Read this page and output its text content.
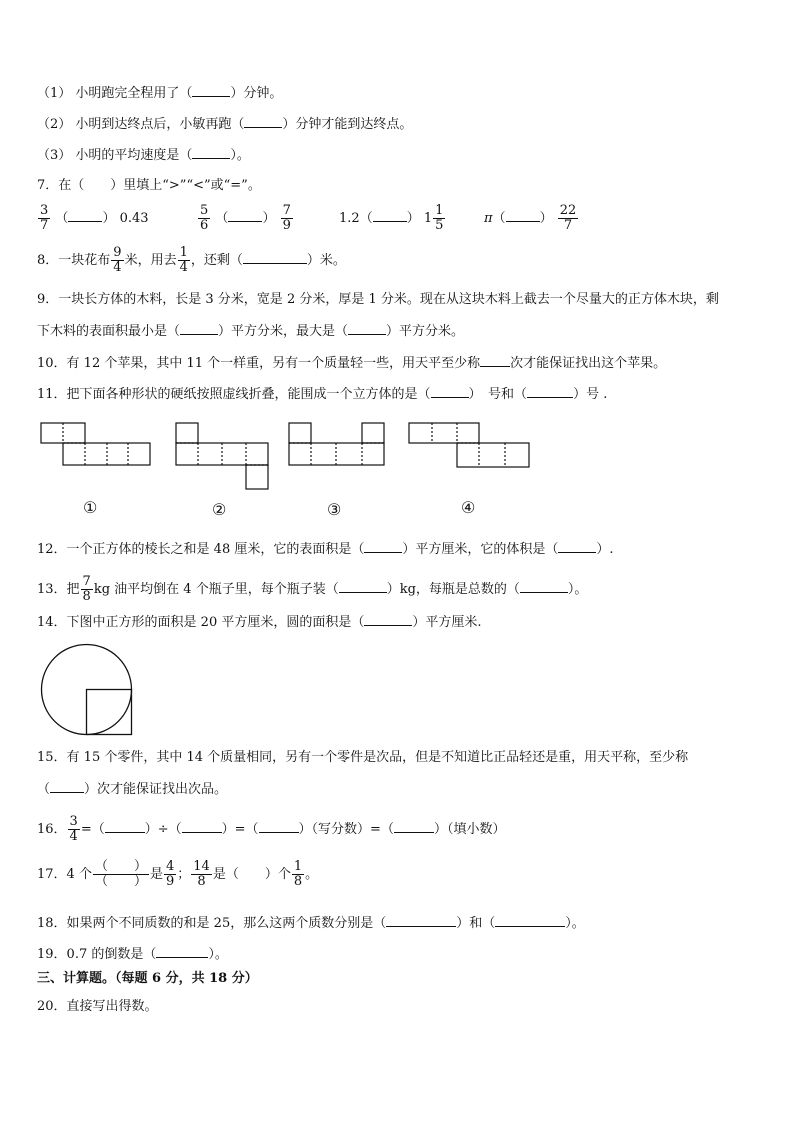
（1） 小明跑完全程用了（	）分钟。
（2） 小明到达终点后，小敏再跑（	）分钟才能到达终点。
（3） 小明的平均速度是（	）。
7．在（　　）里填上“>”“<”或“=”。
$\frac{3}{7}$ （	） 0.43	$\frac{5}{6}$ （	） $\frac{7}{9}$	1.2（	） $1 \frac{1}{5}$	π（	） $\frac{22}{7}$
8．一块花布 $\frac{9}{4}$ 米，用去 $\frac{1}{4}$ ，还剩（	）米。
9．一块长方体的木料，长是 3 分米，宽是 2 分米，厚是 1 分米。现在从这块木料上截去一个尽量大的正方体木块，剩
下木料的表面积最小是（	）平方分米，最大是（	）平方分米。
10．有 12 个苹果，其中 11 个一样重，另有一个质量轻一些，用天平至少称 次才能保证找出这个苹果。
11．把下面各种形状的硬纸按照虚线折叠，能围成一个立方体的是（	）　号和（	）号 .
①	②	③	④
12．一个正方体的棱长之和是 48 厘米，它的表面积是（	）平方厘米，它的体积是（	）.
13．把 $\frac{7}{8}$ kg 油平均倒在 4 个瓶子里，每个瓶子装（	）kg，每瓶是总数的（	）。
14．下图中正方形的面积是 20 平方厘米，圆的面积是（	）平方厘米.
15．有 15 个零件，其中 14 个质量相同，另有一个零件是次品，但是不知道比正品轻还是重，用天平称，至少称
（	）次才能保证找出次品。
16． $\frac{3}{4}$ =（	）÷（	）=（	）（写分数）=（	）（填小数）
17．4 个 $\frac{( )}{( )}$ 是 $\frac{4}{9}$ ； $\frac{14}{8}$ 是（　　）个 $\frac{1}{8}$ 。
18．如果两个不同质数的和是 25，那么这两个质数分别是（	）和（	）。
19．0.7 的倒数是（	）。
三、计算题。（每题 6 分，共 18 分）
20．直接写出得数。
